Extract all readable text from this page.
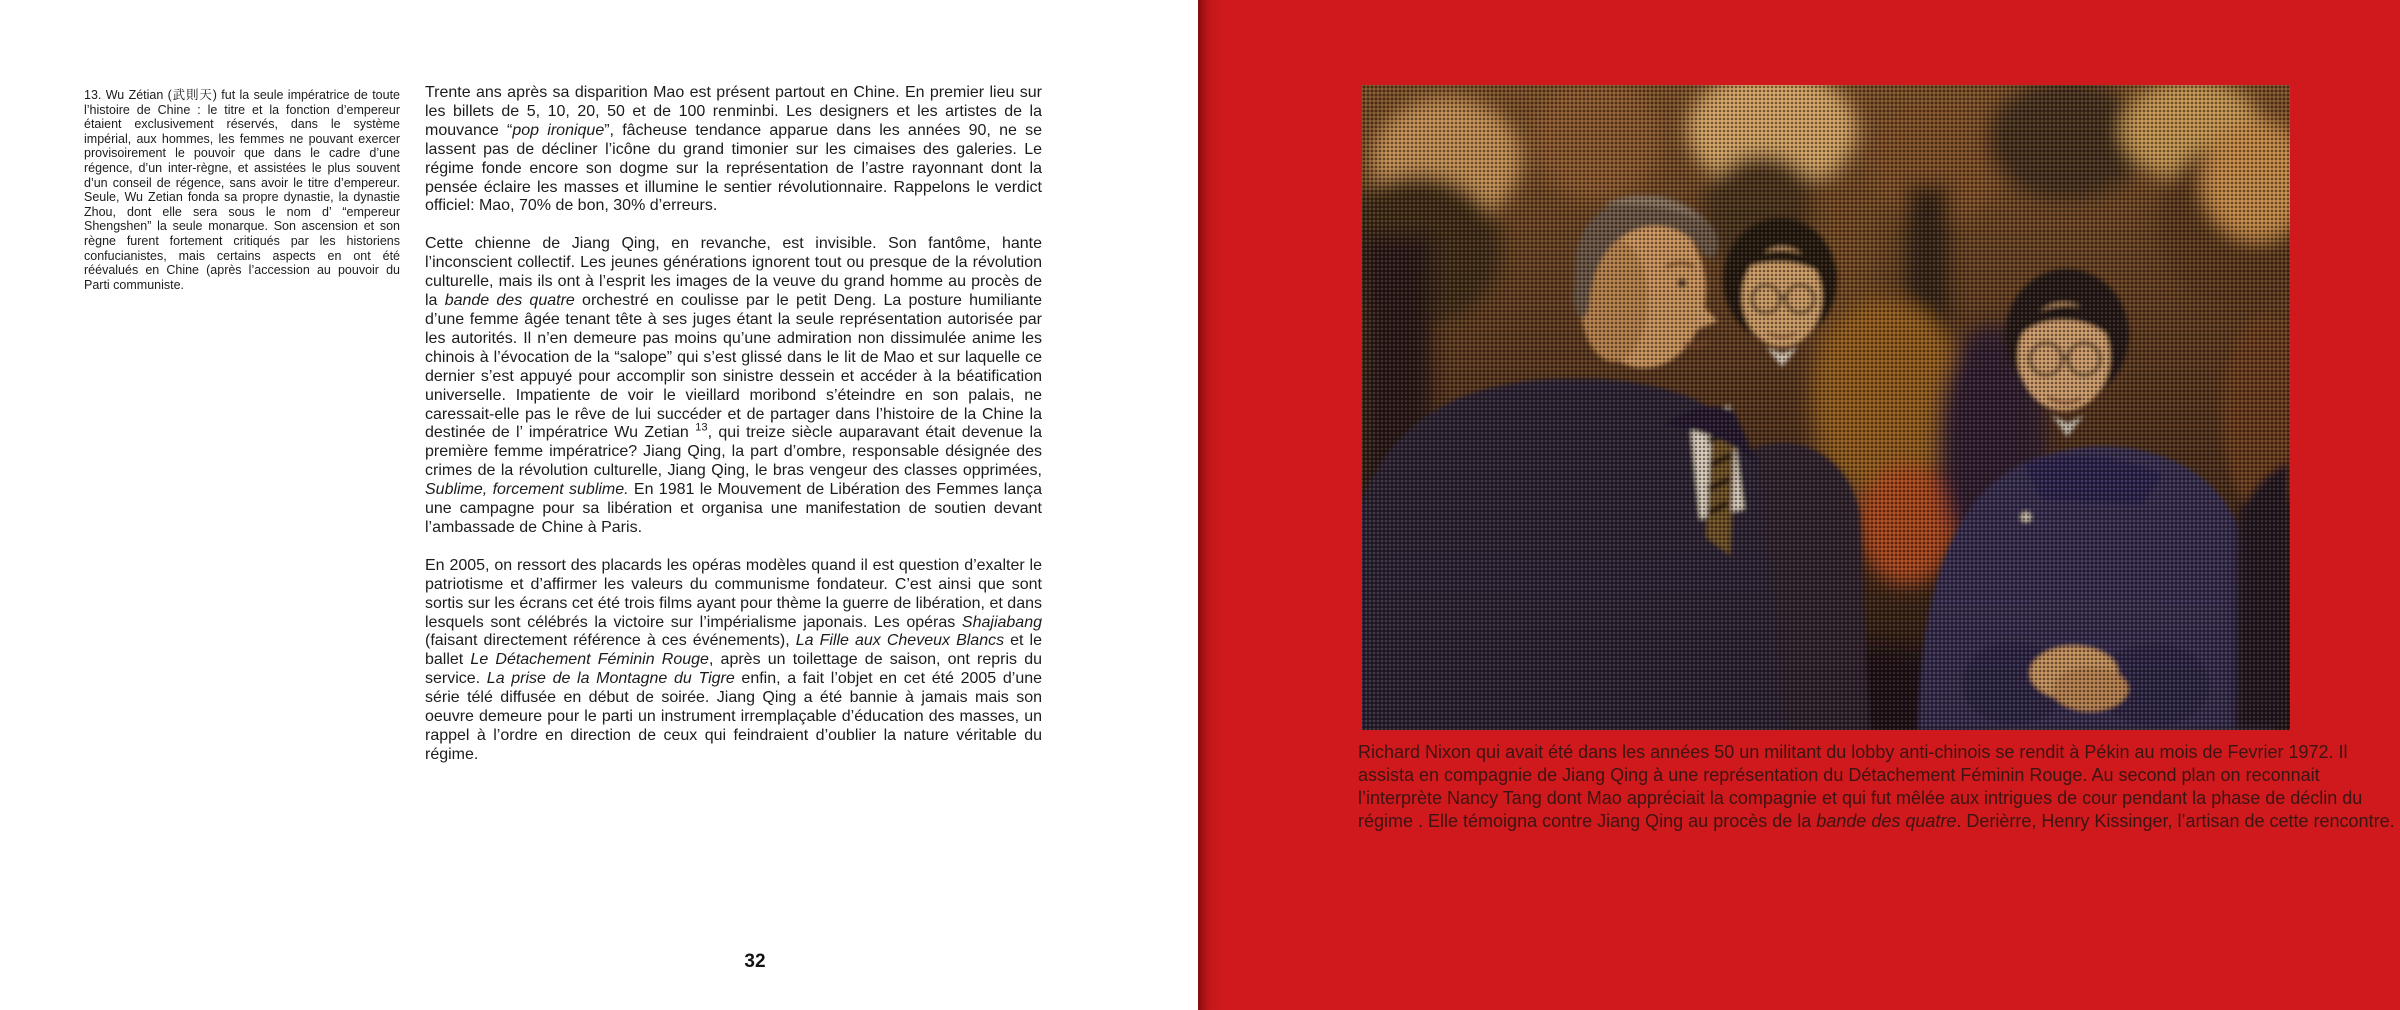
13. Wu Zétian (武則天) fut la seule impératrice de toute l’histoire de Chine : le titre et la fonction d’empereur étaient exclusivement réservés, dans le système impérial, aux hommes, les femmes ne pouvant exercer provisoirement le pouvoir que dans le cadre d’une régence, d’un inter-règne, et assistées le plus souvent d’un conseil de régence, sans avoir le titre d’empereur. Seule, Wu Zetian fonda sa propre dynastie, la dynastie Zhou, dont elle sera sous le nom d’ “empereur Shengshen” la seule monarque. Son ascension et son règne furent fortement critiqués par les historiens confucianistes, mais certains aspects en ont été réévalués en Chine (après l’accession au pouvoir du Parti communiste.

Trente ans après sa disparition Mao est présent partout en Chine. En premier lieu sur les billets de 5, 10, 20, 50 et de 100 renminbi. Les designers et les artistes de la mouvance “pop ironique”, fâcheuse tendance apparue dans les années 90, ne se lassent pas de décliner l’icône du grand timonier sur les cimaises des galeries. Le régime fonde encore son dogme sur la représentation de l’astre rayonnant dont la pensée éclaire les masses et illumine le sentier révolutionnaire. Rappelons le verdict officiel: Mao, 70% de bon, 30% d’erreurs.

Cette chienne de Jiang Qing, en revanche, est invisible. Son fantôme, hante l’inconscient collectif. Les jeunes générations ignorent tout ou presque de la révolution culturelle, mais ils ont à l’esprit les images de la veuve du grand homme au procès de la bande des quatre orchestré en coulisse par le petit Deng. La posture humiliante d’une femme âgée tenant tête à ses juges étant la seule représentation autorisée par les autorités. Il n’en demeure pas moins qu’une admiration non dissimulée anime les chinois à l’évocation de la “salope” qui s’est glissé dans le lit de Mao et sur laquelle ce dernier s’est appuyé pour accomplir son sinistre dessein et accéder à la béatification universelle. Impatiente de voir le vieillard moribond s’éteindre en son palais, ne caressait-elle pas le rêve de lui succéder et de partager dans l’histoire de la Chine la destinée de l’ impératrice Wu Zetian $^{13}$, qui treize siècle auparavant était devenue la première femme impératrice? Jiang Qing, la part d’ombre, responsable désignée des crimes de la révolution culturelle, Jiang Qing, le bras vengeur des classes opprimées, Sublime, forcement sublime. En 1981 le Mouvement de Libération des Femmes lança une campagne pour sa libération et organisa une manifestation de soutien devant l’ambassade de Chine à Paris.

En 2005, on ressort des placards les opéras modèles quand il est question d’exalter le patriotisme et d’affirmer les valeurs du communisme fondateur. C’est ainsi que sont sortis sur les écrans cet été trois films ayant pour thème la guerre de libération, et dans lesquels sont célébrés la victoire sur l’impérialisme japonais. Les opéras Shajiabang (faisant directement référence à ces événements), La Fille aux Cheveux Blancs et le ballet Le Détachement Féminin Rouge, après un toilettage de saison, ont repris du service. La prise de la Montagne du Tigre enfin, a fait l’objet en cet été 2005 d’une série télé diffusée en début de soirée. Jiang Qing a été bannie à jamais mais son oeuvre demeure pour le parti un instrument irremplaçable d’éducation des masses, un rappel à l’ordre en direction de ceux qui feindraient d’oublier la nature véritable du régime.

32

Richard Nixon qui avait été dans les années 50 un militant du lobby anti-chinois se rendit à Pékin au mois de Fevrier 1972. Il assista en compagnie de Jiang Qing à une représentation du Détachement Féminin Rouge. Au second plan on reconnait l’interprète Nancy Tang dont Mao appréciait la compagnie et qui fut mêlée aux intrigues de cour pendant la phase de déclin du régime . Elle témoigna contre Jiang Qing au procès de la bande des quatre. Derièrre, Henry Kissinger, l’artisan de cette rencontre.
